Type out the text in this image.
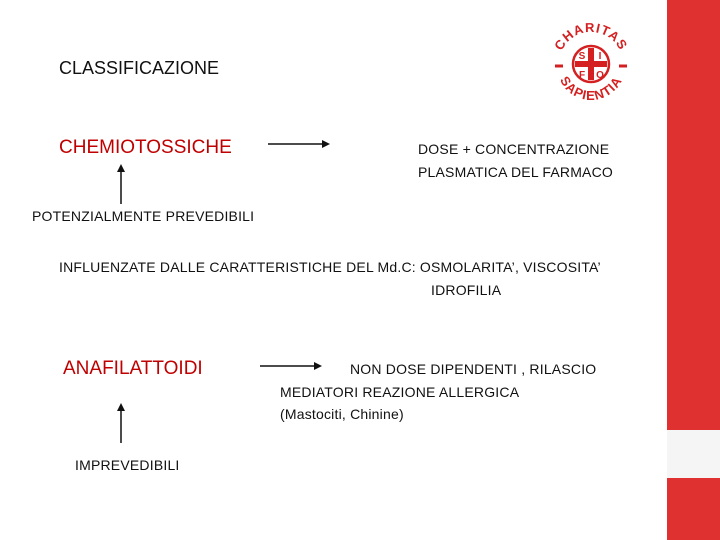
CHARITAS
SAPIENTIA
S I
F O
CLASSIFICAZIONE
CHEMIOTOSSICHE	DOSE + CONCENTRAZIONE
PLASMATICA DEL FARMACO
POTENZIALMENTE PREVEDIBILI
INFLUENZATE DALLE CARATTERISTICHE DEL Md.C: OSMOLARITA’, VISCOSITA’
IDROFILIA
ANAFILATTOIDI	NON DOSE DIPENDENTI , RILASCIO
MEDIATORI REAZIONE ALLERGICA
(Mastociti, Chinine)
IMPREVEDIBILI
